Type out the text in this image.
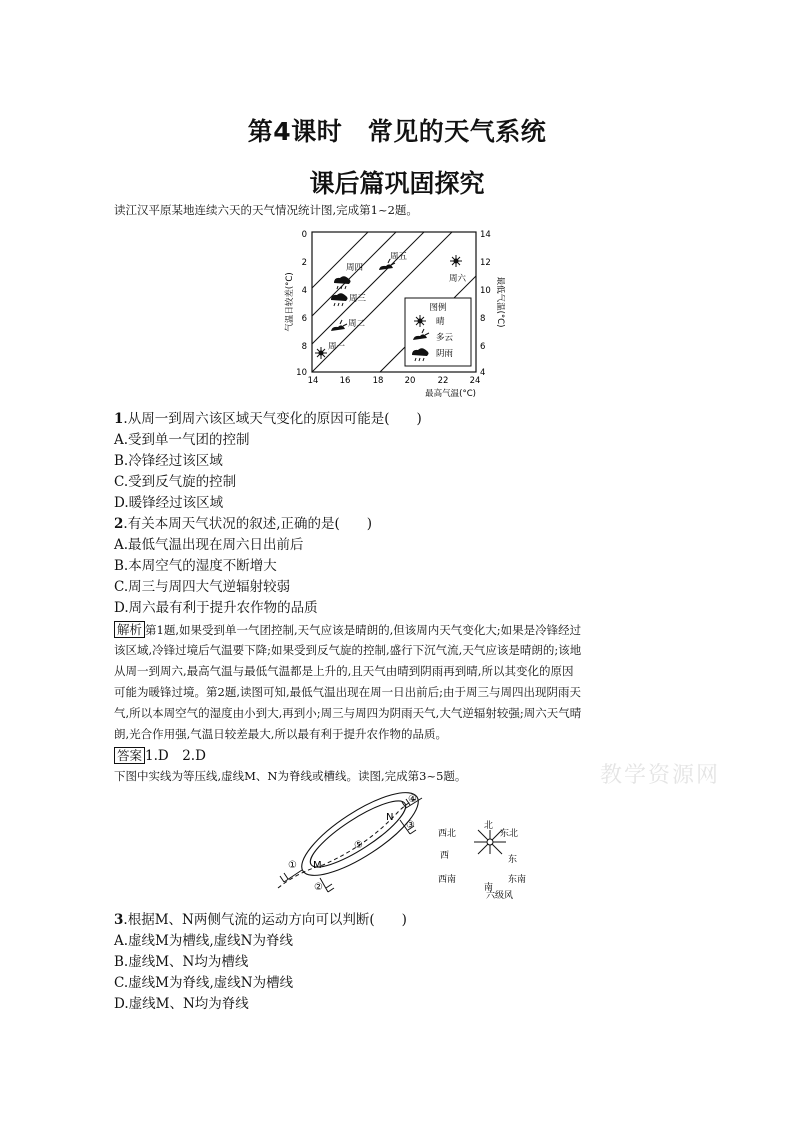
第4课时　常见的天气系统
课后篇巩固探究
读江汉平原某地连续六天的天气情况统计图,完成第1~2题。
图例
晴
多云
阴雨
周一
周二
周三
周四
周五
周六
0
2
4
6
8
10
14
12
10
8
6
4
14 16	18 20	22 24
最高气温(°C)
气温日较差(°C)	最低气温(°C)
1.从周一到周六该区域天气变化的原因可能是(　　)
A.受到单一气团的控制
B.冷锋经过该区域
C.受到反气旋的控制
D.暖锋经过该区域
2.有关本周天气状况的叙述,正确的是(　　)
A.最低气温出现在周六日出前后
B.本周空气的湿度不断增大
C.周三与周四大气逆辐射较弱
D.周六最有利于提升农作物的品质
解析 第1题,如果受到单一气团控制,天气应该是晴朗的,但该周内天气变化大;如果是冷锋经过
该区域,冷锋过境后气温要下降;如果受到反气旋的控制,盛行下沉气流,天气应该是晴朗的;该地
从周一到周六,最高气温与最低气温都是上升的,且天气由晴到阴雨再到晴,所以其变化的原因
可能为暖锋过境。第2题,读图可知,最低气温出现在周一日出前后;由于周三与周四出现阴雨天
气,所以本周空气的湿度由小到大,再到小;周三与周四为阴雨天气,大气逆辐射较强;周六天气晴
朗,光合作用强,气温日较差最大,所以最有利于提升农作物的品质。
答案 1.D　2.D
下图中实线为等压线,虚线M、N为脊线或槽线。读图,完成第3~5题。	教学资源网
M
N
①
②
③
④
⑤
北
东北
西北
西	东
西南
南
东南
六级风
3.根据M、N两侧气流的运动方向可以判断(　　)
A.虚线M为槽线,虚线N为脊线
B.虚线M、N均为槽线
C.虚线M为脊线,虚线N为槽线
D.虚线M、N均为脊线
